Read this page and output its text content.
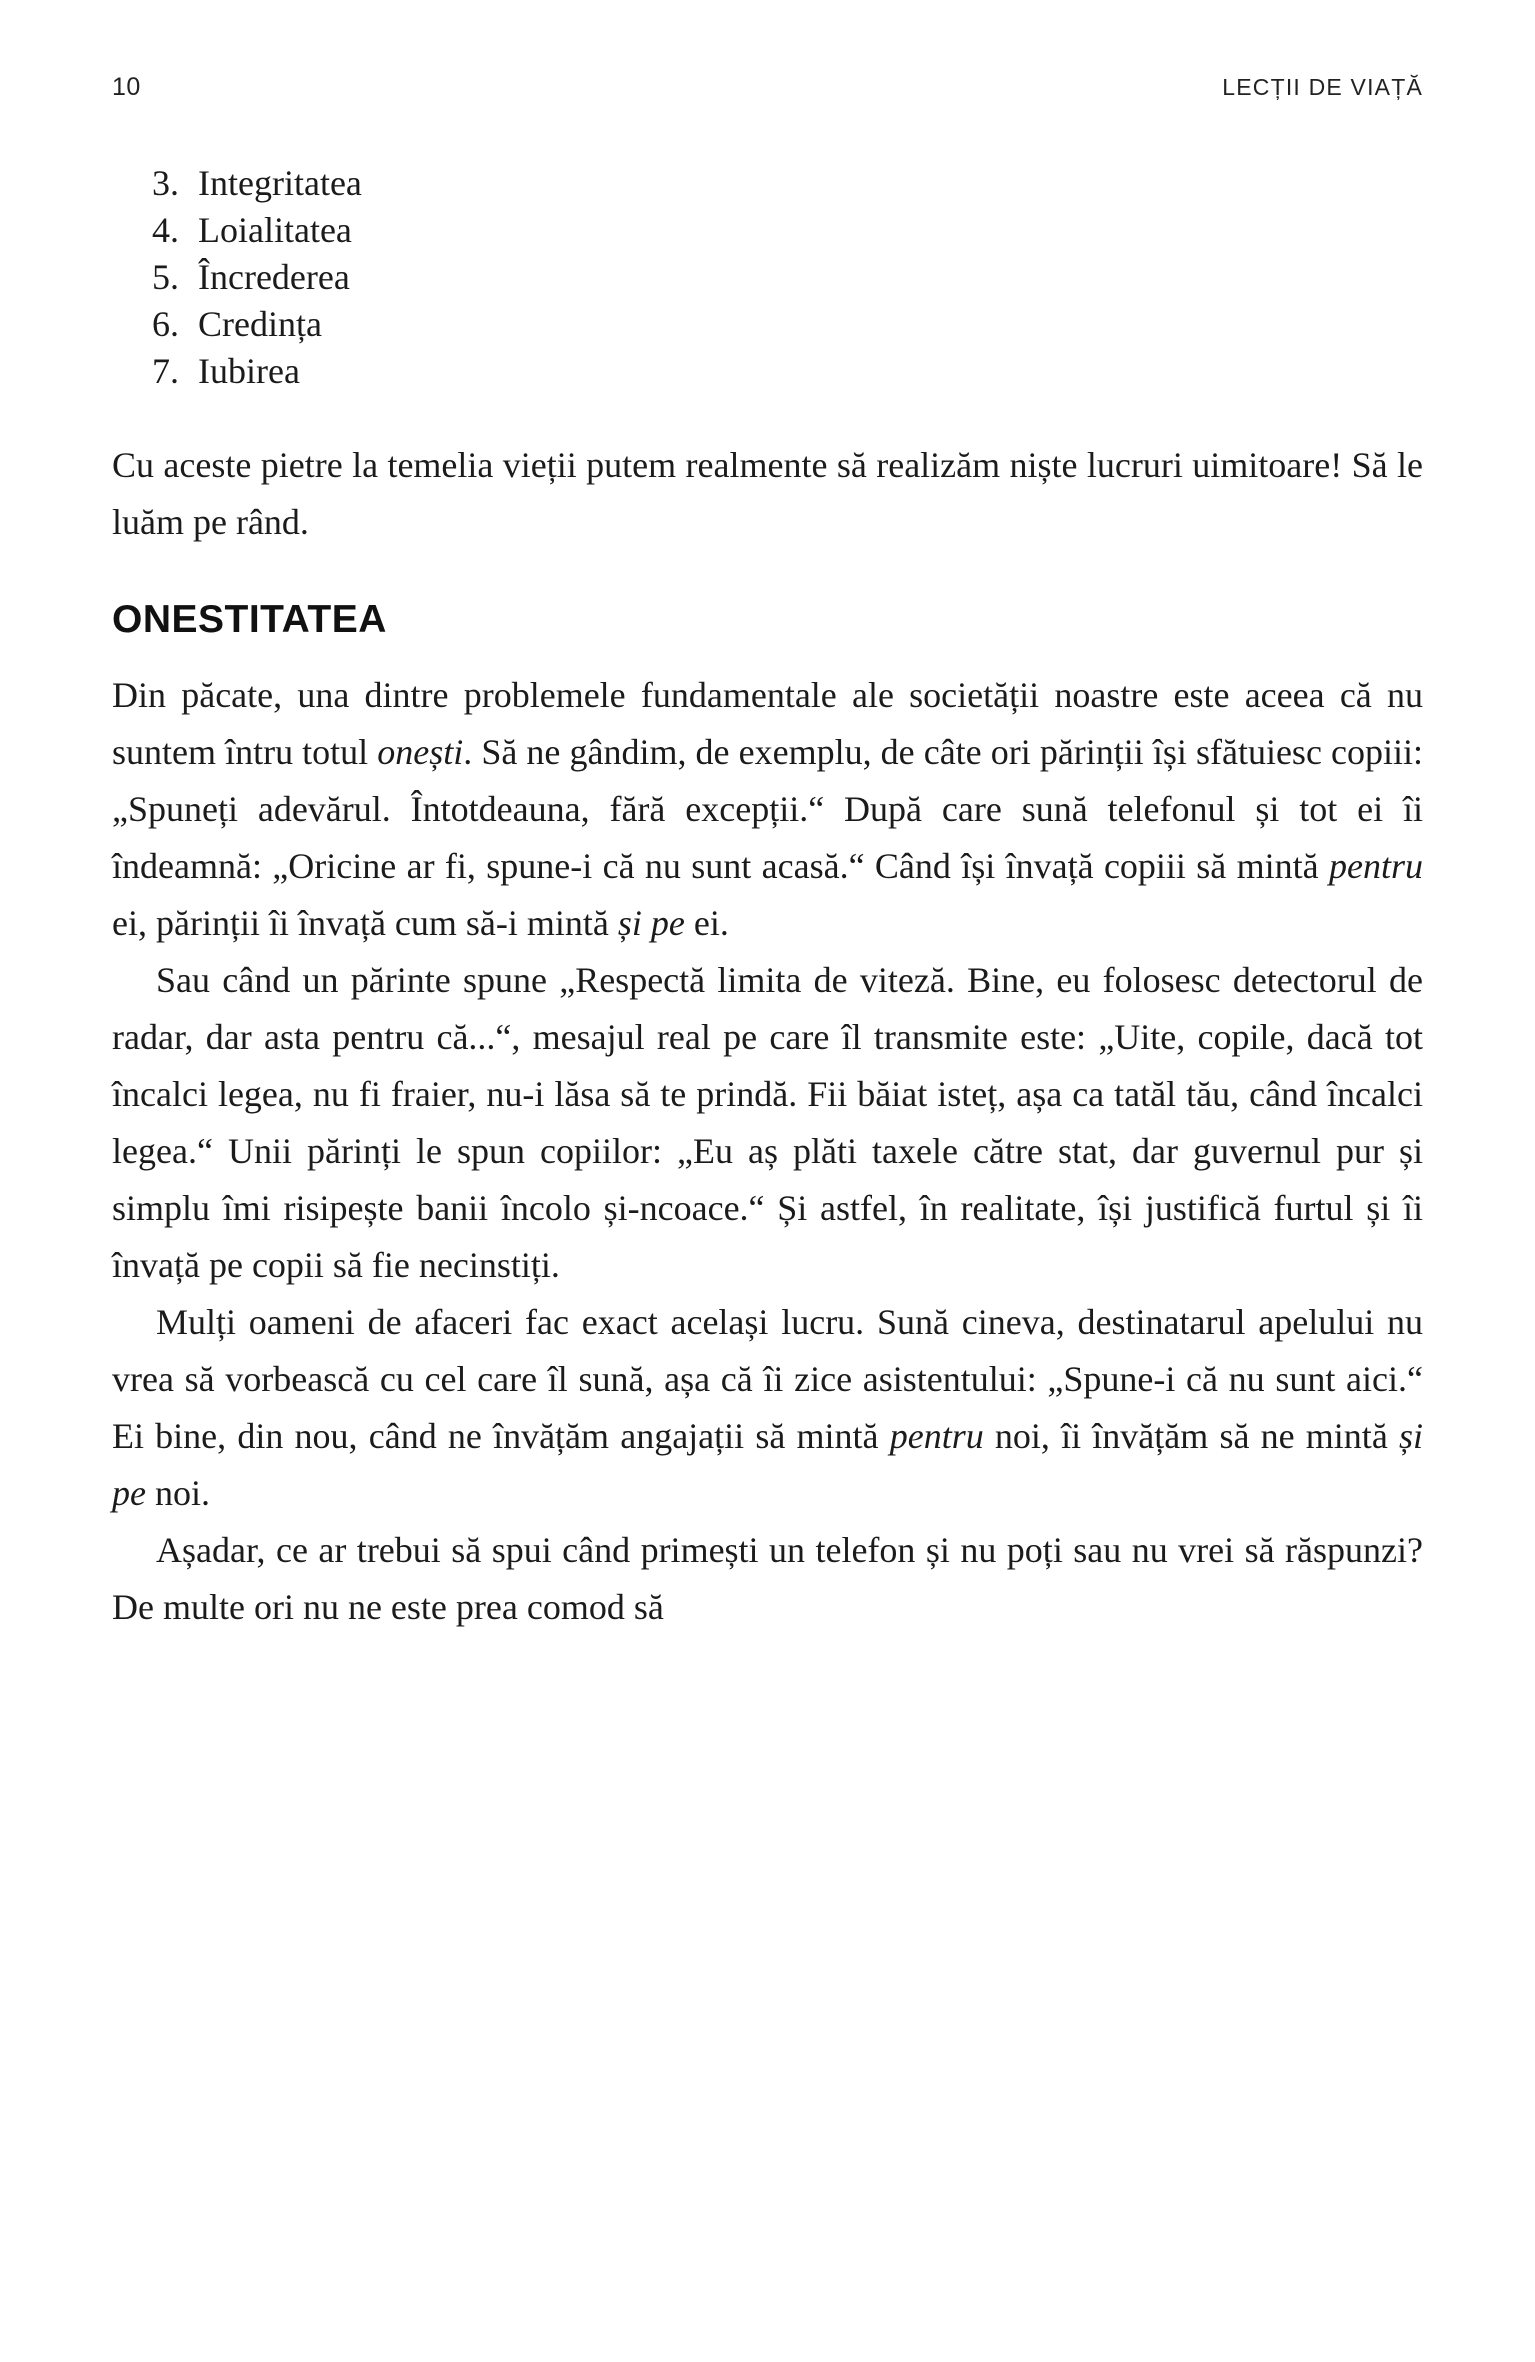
10	LECȚII DE VIAȚĂ
3. Integritatea
4. Loialitatea
5. Încrederea
6. Credința
7. Iubirea

Cu aceste pietre la temelia vieții putem realmente să realizăm niște lucruri uimitoare! Să le luăm pe rând.

ONESTITATEA

Din păcate, una dintre problemele fundamentale ale societății noastre este aceea că nu suntem întru totul onești. Să ne gândim, de exemplu, de câte ori părinții își sfătuiesc copiii: „Spuneți adevărul. Întotdeauna, fără excepții.“ După care sună telefonul și tot ei îi îndeamnă: „Oricine ar fi, spune-i că nu sunt acasă.“ Când își învață copiii să mintă pentru ei, părinții îi învață cum să-i mintă și pe ei.

Sau când un părinte spune „Respectă limita de viteză. Bine, eu folosesc detectorul de radar, dar asta pentru că...“, mesajul real pe care îl transmite este: „Uite, copile, dacă tot încalci legea, nu fi fraier, nu-i lăsa să te prindă. Fii băiat isteț, așa ca tatăl tău, când încalci legea.“ Unii părinți le spun copiilor: „Eu aș plăti taxele către stat, dar guvernul pur și simplu îmi risipește banii încolo și-ncoace.“ Și astfel, în realitate, își justifică furtul și îi învață pe copii să fie necinstiți.

Mulți oameni de afaceri fac exact același lucru. Sună cineva, destinatarul apelului nu vrea să vorbească cu cel care îl sună, așa că îi zice asistentului: „Spune-i că nu sunt aici.“ Ei bine, din nou, când ne învățăm angajații să mintă pentru noi, îi învățăm să ne mintă și pe noi.

Așadar, ce ar trebui să spui când primești un telefon și nu poți sau nu vrei să răspunzi? De multe ori nu ne este prea comod să
